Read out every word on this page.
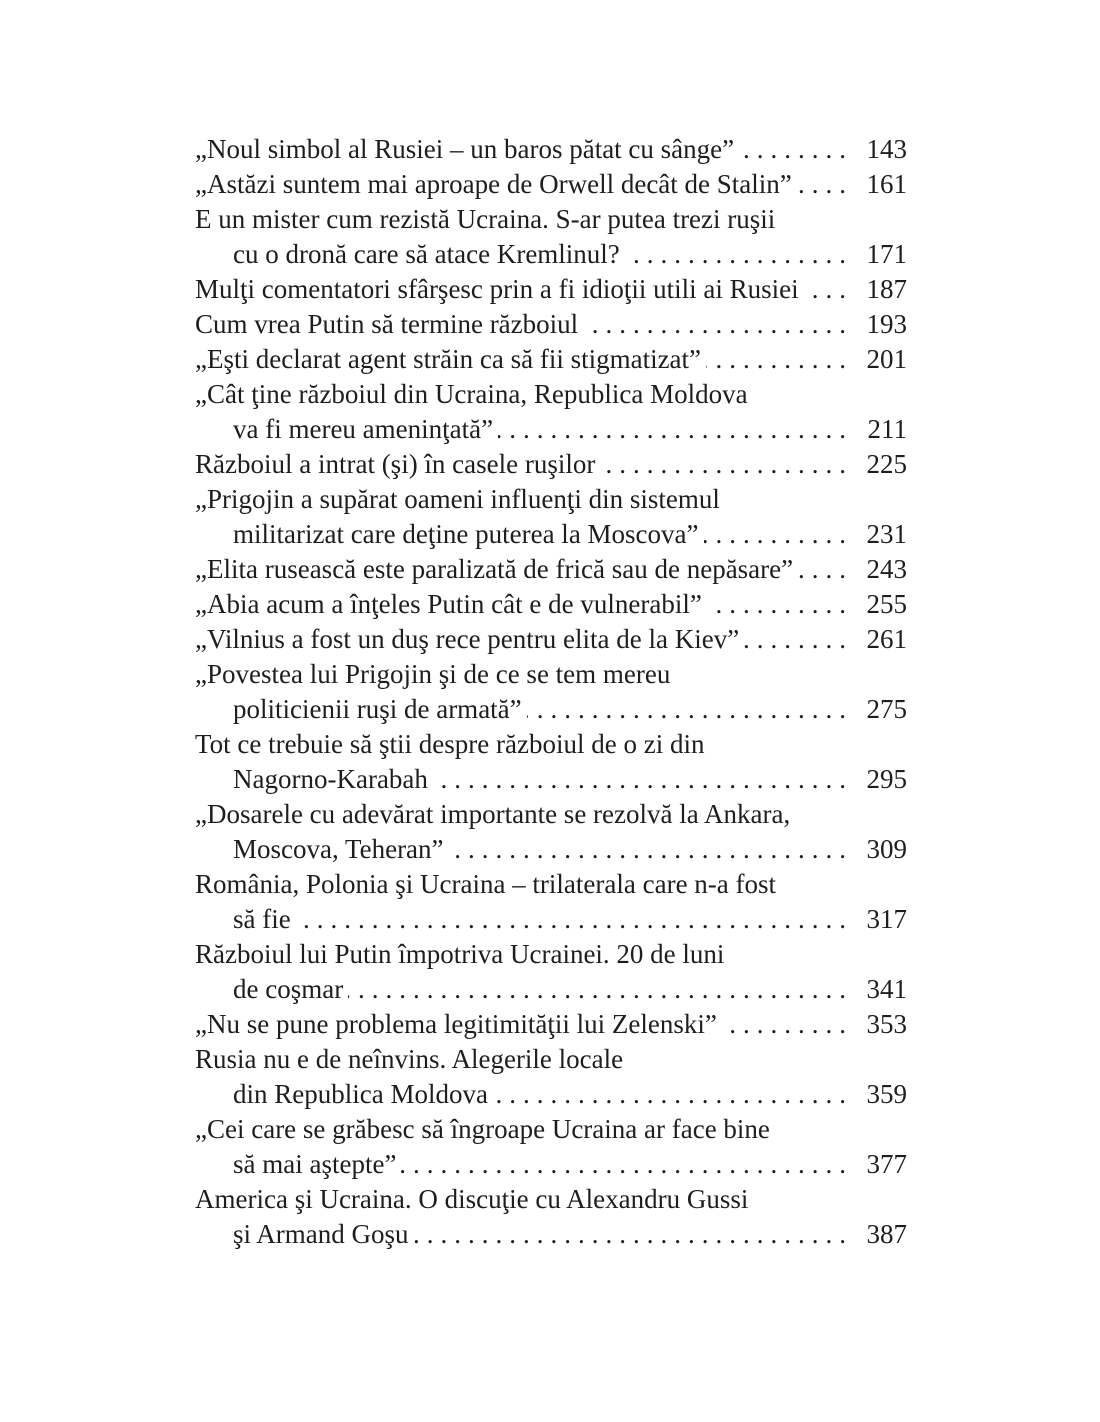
„Noul simbol al Rusiei – un baros pătat cu sânge” .....	143
„Astăzi suntem mai aproape de Orwell decât de Stalin” .....	161
E un mister cum rezistă Ucraina. S-ar putea trezi ruşii
cu o dronă care să atace Kremlinul? .....	171
Mulţi comentatori sfârşesc prin a fi idioţii utili ai Rusiei .....	187
Cum vrea Putin să termine războiul .....	193
„Eşti declarat agent străin ca să fii stigmatizat” .....	201
„Cât ţine războiul din Ucraina, Republica Moldova
va fi mereu ameninţată” .....	211
Războiul a intrat (şi) în casele ruşilor .....	225
„Prigojin a supărat oameni influenţi din sistemul
militarizat care deţine puterea la Moscova” .....	231
„Elita rusească este paralizată de frică sau de nepăsare” .....	243
„Abia acum a înţeles Putin cât e de vulnerabil” .....	255
„Vilnius a fost un duş rece pentru elita de la Kiev” .....	261
„Povestea lui Prigojin şi de ce se tem mereu
politicienii ruşi de armată” .....	275
Tot ce trebuie să ştii despre războiul de o zi din
Nagorno-Karabah .....	295
„Dosarele cu adevărat importante se rezolvă la Ankara,
Moscova, Teheran” .....	309
România, Polonia şi Ucraina – trilaterala care n-a fost
să fie .....	317
Războiul lui Putin împotriva Ucrainei. 20 de luni
de coşmar .....	341
„Nu se pune problema legitimităţii lui Zelenski” .....	353
Rusia nu e de neînvins. Alegerile locale
din Republica Moldova .....	359
„Cei care se grăbesc să îngroape Ucraina ar face bine
să mai aştepte” .....	377
America şi Ucraina. O discuţie cu Alexandru Gussi
şi Armand Goşu .....	387
